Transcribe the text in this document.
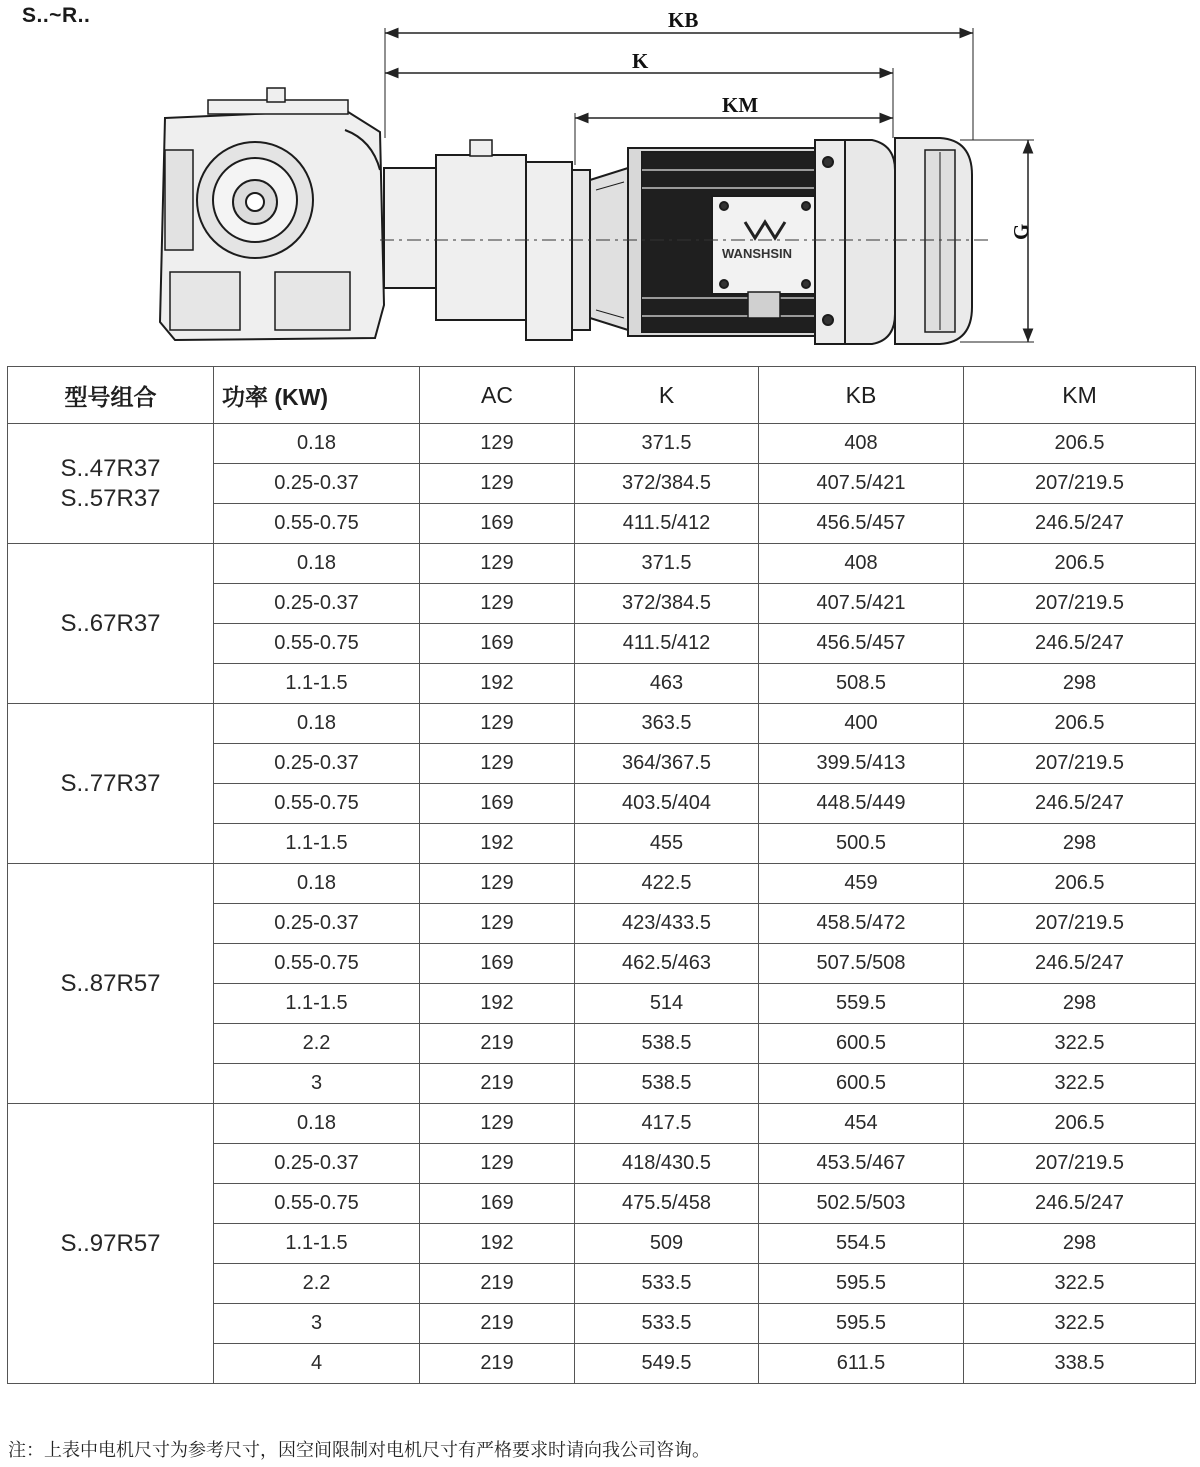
S..~R..	KB
K
KM
G
WANSHSIN
型号组合	功率 (KW)	AC	K	KB	KM

S..47R37
S..57R37	0.18	129	371.5	408	206.5
	0.25-0.37	129	372/384.5	407.5/421	207/219.5
	0.55-0.75	169	411.5/412	456.5/457	246.5/247

S..67R37	0.18	129	371.5	408	206.5
	0.25-0.37	129	372/384.5	407.5/421	207/219.5
	0.55-0.75	169	411.5/412	456.5/457	246.5/247
	1.1-1.5	192	463	508.5	298

S..77R37	0.18	129	363.5	400	206.5
	0.25-0.37	129	364/367.5	399.5/413	207/219.5
	0.55-0.75	169	403.5/404	448.5/449	246.5/247
	1.1-1.5	192	455	500.5	298

S..87R57	0.18	129	422.5	459	206.5
	0.25-0.37	129	423/433.5	458.5/472	207/219.5
	0.55-0.75	169	462.5/463	507.5/508	246.5/247
	1.1-1.5	192	514	559.5	298
	2.2	219	538.5	600.5	322.5
	3	219	538.5	600.5	322.5

S..97R57	0.18	129	417.5	454	206.5
	0.25-0.37	129	418/430.5	453.5/467	207/219.5
	0.55-0.75	169	475.5/458	502.5/503	246.5/247
	1.1-1.5	192	509	554.5	298
	2.2	219	533.5	595.5	322.5
	3	219	533.5	595.5	322.5
	4	219	549.5	611.5	338.5
注：上表中电机尺寸为参考尺寸，因空间限制对电机尺寸有严格要求时请向我公司咨询。
